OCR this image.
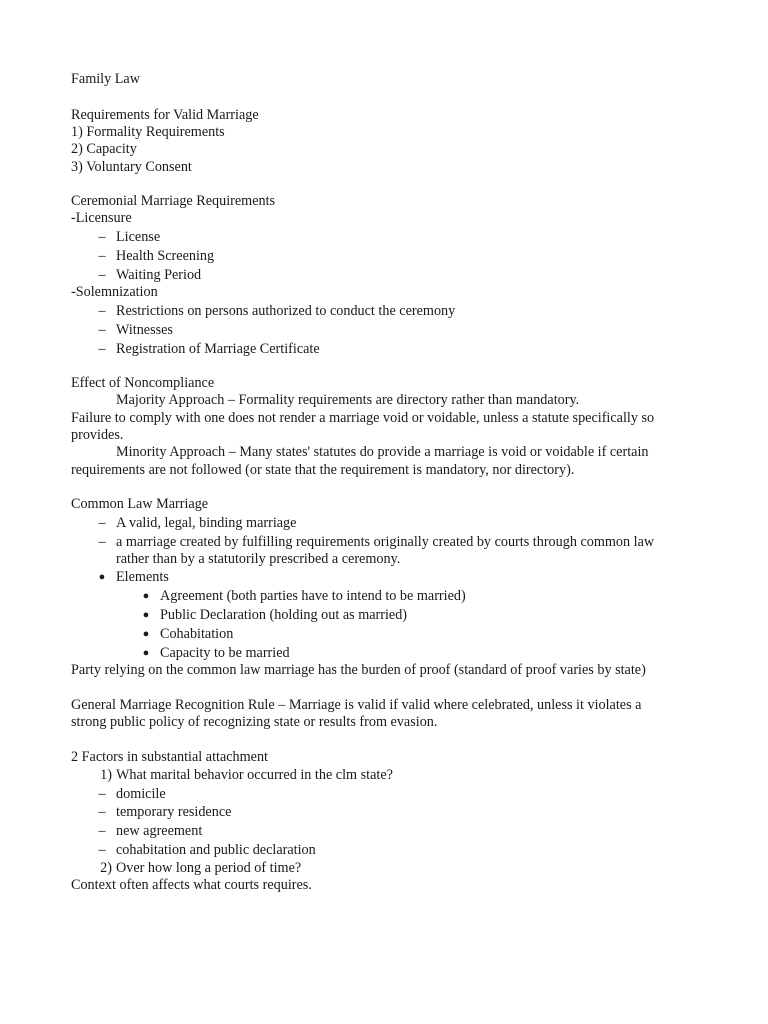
Family Law
Requirements for Valid Marriage
1) Formality Requirements
2) Capacity
3) Voluntary Consent
Ceremonial Marriage Requirements
-Licensure
– License
– Health Screening
– Waiting Period
-Solemnization
– Restrictions on persons authorized to conduct the ceremony
– Witnesses
– Registration of Marriage Certificate
Effect of Noncompliance
Majority Approach – Formality requirements are directory rather than mandatory.
Failure to comply with one does not render a marriage void or voidable, unless a statute specifically so
provides.
Minority Approach – Many states' statutes do provide a marriage is void or voidable if certain
requirements are not followed (or state that the requirement is mandatory, nor directory).
Common Law Marriage
– A valid, legal, binding marriage
– a marriage created by fulfilling requirements originally created by courts through common law
rather than by a statutorily prescribed a ceremony.
● Elements
● Agreement (both parties have to intend to be married)
● Public Declaration (holding out as married)
● Cohabitation
● Capacity to be married
Party relying on the common law marriage has the burden of proof (standard of proof varies by state)
General Marriage Recognition Rule – Marriage is valid if valid where celebrated, unless it violates a
strong public policy of recognizing state or results from evasion.
2 Factors in substantial attachment
1) What marital behavior occurred in the clm state?
– domicile
– temporary residence
– new agreement
– cohabitation and public declaration
2) Over how long a period of time?
Context often affects what courts requires.
